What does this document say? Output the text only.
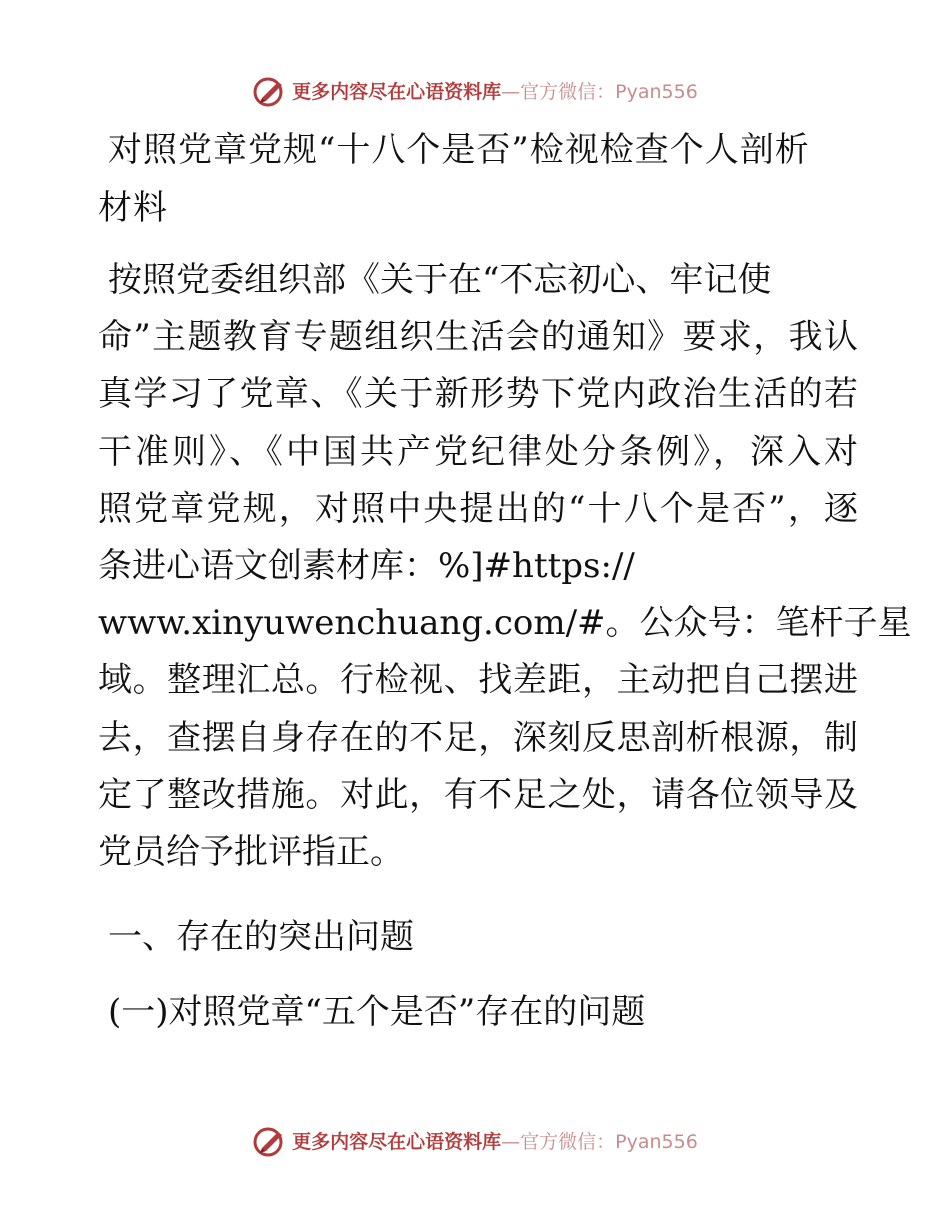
更多内容尽在心语资料库 —官方微信：Pyan556
对照党章党规“十八个是否”检视检查个人剖析
材料
按照党委组织部《关于在“不忘初心、牢记使
命”主题教育专题组织生活会的通知》要求，我认
真学习了党章、《关于新形势下党内政治生活的若
干准则》、《中国共产党纪律处分条例》，深入对
照党章党规，对照中央提出的“十八个是否”，逐
条进心语文创素材库：%]#https://
www.xinyuwenchuang.com/#。公众号：笔杆子星
域。整理汇总。行检视、找差距，主动把自己摆进
去，查摆自身存在的不足，深刻反思剖析根源，制
定了整改措施。对此，有不足之处，请各位领导及
党员给予批评指正。
一、存在的突出问题
(一)对照党章“五个是否”存在的问题
更多内容尽在心语资料库 —官方微信：Pyan556
